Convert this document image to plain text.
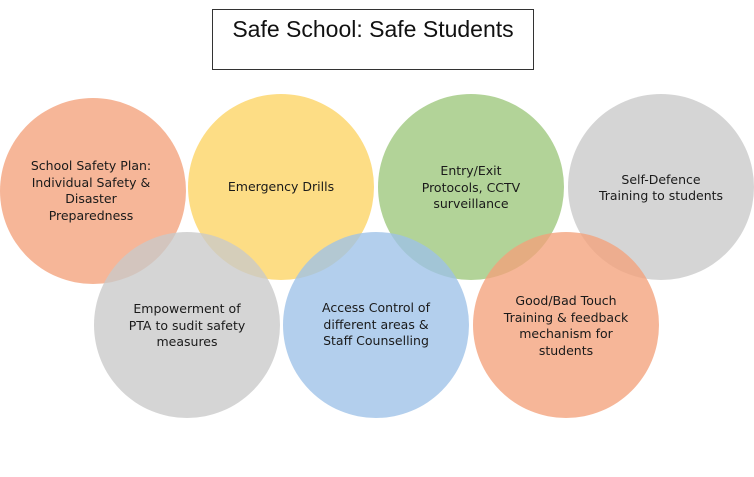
Safe School: Safe Students
School Safety Plan:
Individual Safety &
Disaster
Preparedness
Emergency Drills
Entry/Exit
Protocols, CCTV
surveillance
Self-Defence
Training to students
Empowerment of
PTA to sudit safety
measures
Access Control of
different areas &
Staff Counselling
Good/Bad Touch
Training & feedback
mechanism for
students
